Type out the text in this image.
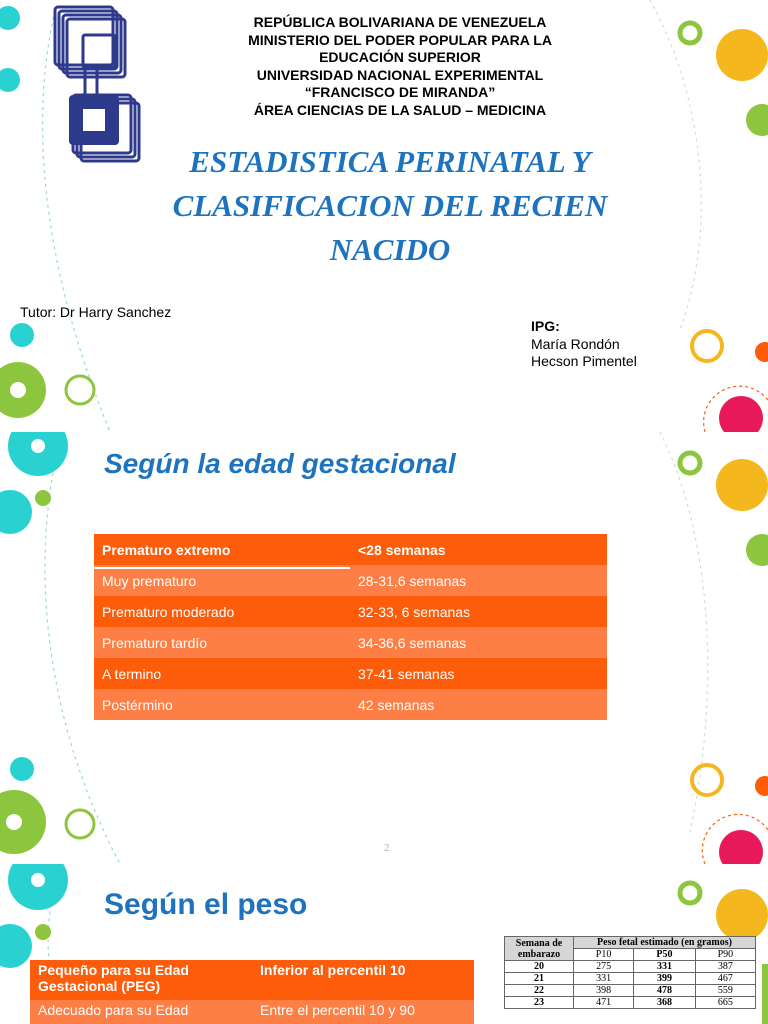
REPÚBLICA BOLIVARIANA DE VENEZUELA
MINISTERIO DEL PODER POPULAR PARA LA
EDUCACIÓN SUPERIOR
UNIVERSIDAD NACIONAL EXPERIMENTAL
“FRANCISCO DE MIRANDA”
ÁREA CIENCIAS DE LA SALUD – MEDICINA
ESTADISTICA PERINATAL Y
CLASIFICACION DEL RECIEN
NACIDO
Tutor: Dr Harry Sanchez
IPG:
María Rondón
Hecson Pimentel
Según la edad gestacional
Prematuro extremo	<28 semanas
Muy prematuro	28-31,6 semanas
Prematuro moderado	32-33, 6 semanas
Prematuro tardío	34-36,6 semanas
A termino	37-41 semanas
Postérmino	42 semanas
2
Según el peso
Pequeño para su Edad Gestacional (PEG)	Inferior al percentil 10
Adecuado para su Edad	Entre el percentil 10 y 90
Semana de embarazo	Peso fetal estimado (en gramos)		
	P10	P50	P90
20	275	331	387
21	331	399	467
22	398	478	559
23	471	368	665
